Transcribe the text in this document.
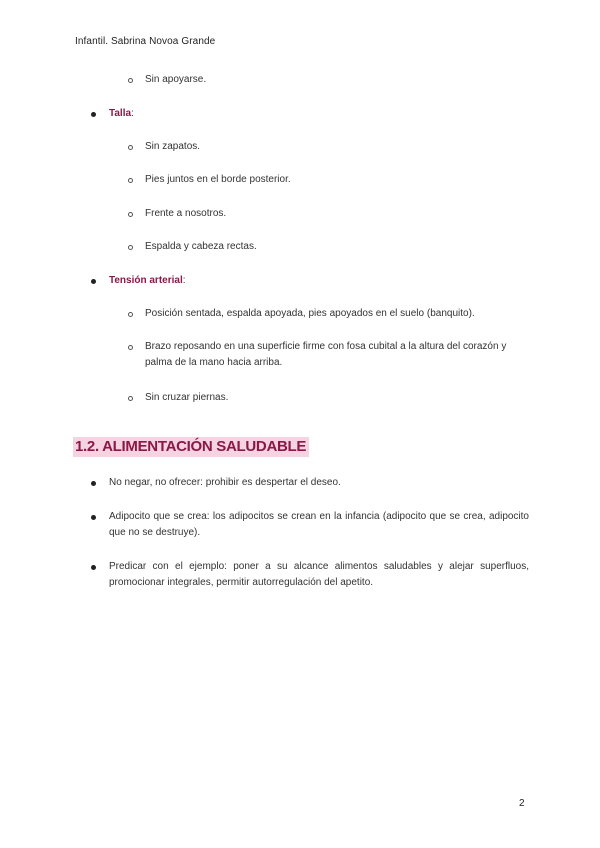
Infantil. Sabrina Novoa Grande
Sin apoyarse.
Talla:
Sin zapatos.
Pies juntos en el borde posterior.
Frente a nosotros.
Espalda y cabeza rectas.
Tensión arterial:
Posición sentada, espalda apoyada, pies apoyados en el suelo (banquito).
Brazo reposando en una superficie firme con fosa cubital a la altura del corazón y palma de la mano hacia arriba.
Sin cruzar piernas.
1.2. ALIMENTACIÓN SALUDABLE
No negar, no ofrecer: prohibir es despertar el deseo.
Adipocito que se crea: los adipocitos se crean en la infancia (adipocito que se crea, adipocito que no se destruye).
Predicar con el ejemplo: poner a su alcance alimentos saludables y alejar superfluos, promocionar integrales, permitir autorregulación del apetito.
2
